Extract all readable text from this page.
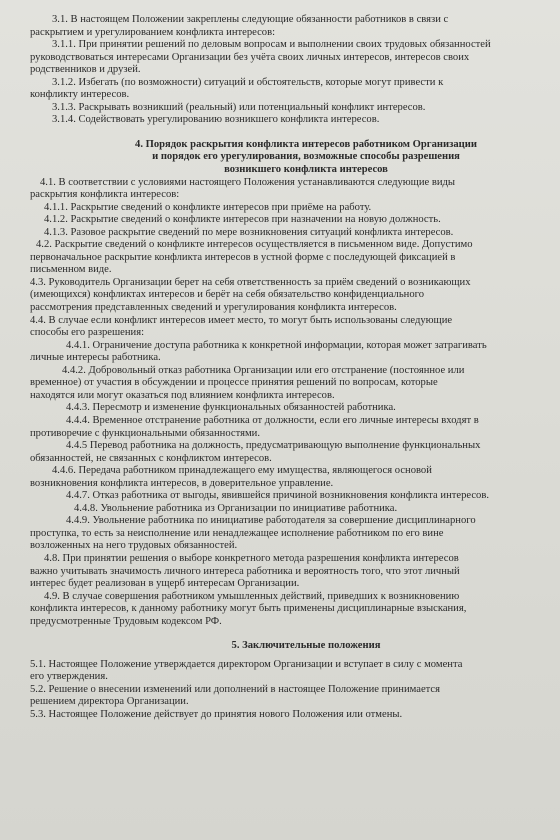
3.1. В настоящем Положении закреплены следующие обязанности работников в связи с
раскрытием и урегулированием конфликта интересов:
3.1.1. При принятии решений по деловым вопросам и выполнении своих трудовых обязанностей
руководствоваться интересами Организации без учёта своих личных интересов, интересов своих
родственников и друзей.
3.1.2. Избегать (по возможности) ситуаций и обстоятельств, которые могут привести к
конфликту интересов.
3.1.3. Раскрывать возникший (реальный) или потенциальный конфликт интересов.
3.1.4. Содействовать урегулированию возникшего конфликта интересов.
4. Порядок раскрытия конфликта интересов работником Организации
и порядок его урегулирования, возможные способы разрешения
возникшего конфликта интересов
4.1. В соответствии с условиями настоящего Положения устанавливаются следующие виды
раскрытия конфликта интересов:
4.1.1. Раскрытие сведений о конфликте интересов при приёме на работу.
4.1.2. Раскрытие сведений о конфликте интересов при назначении на новую должность.
4.1.3. Разовое раскрытие сведений по мере возникновения ситуаций конфликта интересов.
4.2. Раскрытие сведений о конфликте интересов осуществляется в письменном виде. Допустимо
первоначальное раскрытие конфликта интересов в устной форме с последующей фиксацией в
письменном виде.
4.3. Руководитель Организации берет на себя ответственность за приём сведений о возникающих
(имеющихся) конфликтах интересов и берёт на себя обязательство конфиденциального
рассмотрения представленных сведений и урегулирования конфликта интересов.
4.4. В случае если конфликт интересов имеет место, то могут быть использованы следующие
способы его разрешения:
4.4.1. Ограничение доступа работника к конкретной информации, которая может затрагивать
личные интересы работника.
4.4.2. Добровольный отказ работника Организации или его отстранение (постоянное или
временное) от участия в обсуждении и процессе принятия решений по вопросам, которые
находятся или могут оказаться под влиянием конфликта интересов.
4.4.3. Пересмотр и изменение функциональных обязанностей работника.
4.4.4. Временное отстранение работника от должности, если его личные интересы входят в
противоречие с функциональными обязанностями.
4.4.5 Перевод работника на должность, предусматривающую выполнение функциональных
обязанностей, не связанных с конфликтом интересов.
4.4.6. Передача работником принадлежащего ему имущества, являющегося основой
возникновения конфликта интересов, в доверительное управление.
4.4.7. Отказ работника от выгоды, явившейся причиной возникновения конфликта интересов.
4.4.8. Увольнение работника из Организации по инициативе работника.
4.4.9. Увольнение работника по инициативе работодателя за совершение дисциплинарного
проступка, то есть за неисполнение или ненадлежащее исполнение работником по его вине
возложенных на него трудовых обязанностей.
4.8. При принятии решения о выборе конкретного метода разрешения конфликта интересов
важно учитывать значимость личного интереса работника и вероятность того, что этот личный
интерес будет реализован в ущерб интересам Организации.
4.9. В случае совершения работником умышленных действий, приведших к возникновению
конфликта интересов, к данному работнику могут быть применены дисциплинарные взыскания,
предусмотренные Трудовым кодексом РФ.
5. Заключительные положения
5.1. Настоящее Положение утверждается директором Организации и вступает в силу с момента
его утверждения.
5.2. Решение о внесении изменений или дополнений в настоящее Положение принимается
решением директора Организации.
5.3. Настоящее Положение действует до принятия нового Положения или отмены.
